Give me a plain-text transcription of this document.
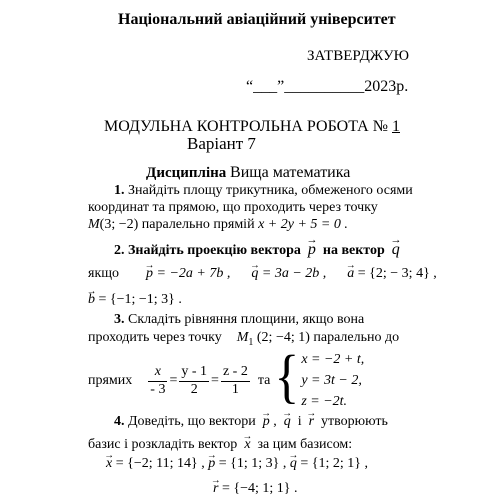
Національний авіаційний університет
ЗАТВЕРДЖУЮ
“___”__________2023р.
МОДУЛЬНА КОНТРОЛЬНА РОБОТА № 1
Варіант 7
Дисципліна Вища математика
1. Знайдіть площу трикутника, обмеженого осями
координат та прямою, що проходить через точку
M(3; −2) паралельно прямій x + 2y + 5 = 0 .
2. Знайдіть проекцію вектора → p на вектор → q
якщо → p = −2a + 7b , → q = 3a − 2b , → a = {2; − 3; 4} ,
→ b = {−1; −1; 3} .
3. Складіть рівняння площини, якщо вона
проходить через точку $M_1$ (2; −4; 1) паралельно до
прямих $\frac{x}{- 3} = \frac{y - 1}{2} = \frac{z - 2}{1}$ та { x = −2 + t,
y = 3t − 2,
z = −2t.
4. Доведіть, що вектори → p ,  → q  і  → r утворюють
базис і розкладіть вектор → x за цим базисом:
→ x = {−2; 11; 14} , → p = {1; 1; 3} , → q = {1; 2; 1} ,
→ r = {−4; 1; 1} .
